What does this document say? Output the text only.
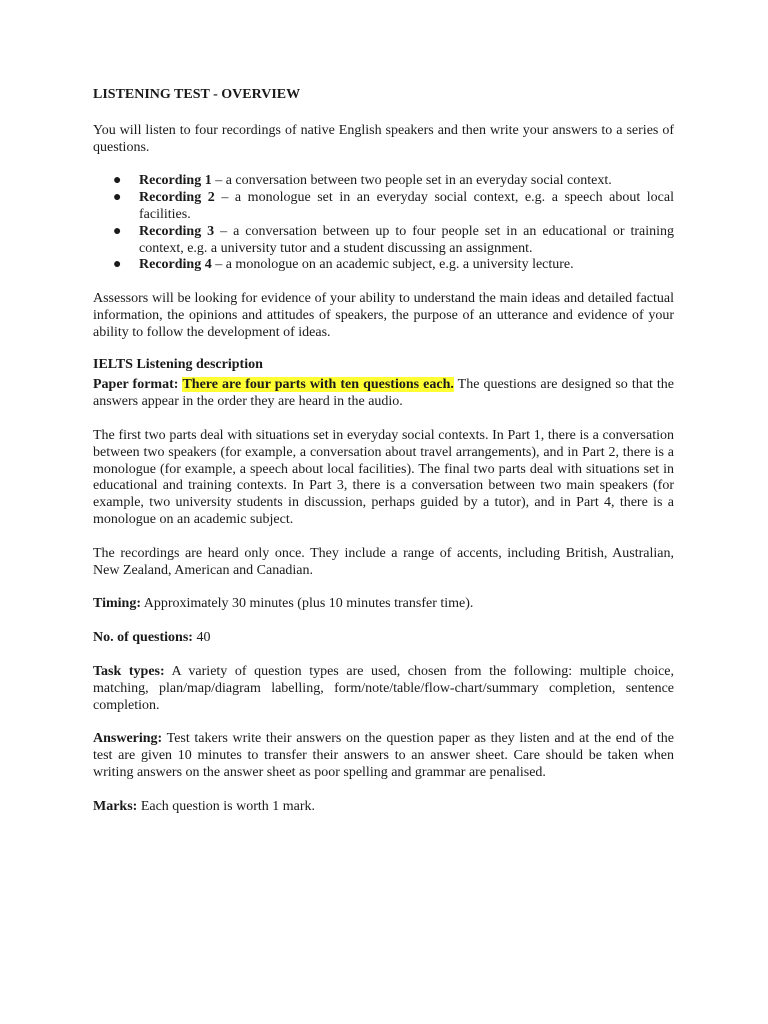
LISTENING TEST - OVERVIEW

You will listen to four recordings of native English speakers and then write your answers to a series of questions.

● Recording 1 – a conversation between two people set in an everyday social context.
● Recording 2 – a monologue set in an everyday social context, e.g. a speech about local facilities.
● Recording 3 – a conversation between up to four people set in an educational or training context, e.g. a university tutor and a student discussing an assignment.
● Recording 4 – a monologue on an academic subject, e.g. a university lecture.

Assessors will be looking for evidence of your ability to understand the main ideas and detailed factual information, the opinions and attitudes of speakers, the purpose of an utterance and evidence of your ability to follow the development of ideas.

IELTS Listening description

Paper format: There are four parts with ten questions each. The questions are designed so that the answers appear in the order they are heard in the audio.

The first two parts deal with situations set in everyday social contexts. In Part 1, there is a conversation between two speakers (for example, a conversation about travel arrangements), and in Part 2, there is a monologue (for example, a speech about local facilities). The final two parts deal with situations set in educational and training contexts. In Part 3, there is a conversation between two main speakers (for example, two university students in discussion, perhaps guided by a tutor), and in Part 4, there is a monologue on an academic subject.

The recordings are heard only once. They include a range of accents, including British, Australian, New Zealand, American and Canadian.

Timing: Approximately 30 minutes (plus 10 minutes transfer time).

No. of questions: 40

Task types: A variety of question types are used, chosen from the following: multiple choice, matching, plan/map/diagram labelling, form/note/table/flow-chart/summary completion, sentence completion.

Answering: Test takers write their answers on the question paper as they listen and at the end of the test are given 10 minutes to transfer their answers to an answer sheet. Care should be taken when writing answers on the answer sheet as poor spelling and grammar are penalised.

Marks: Each question is worth 1 mark.
